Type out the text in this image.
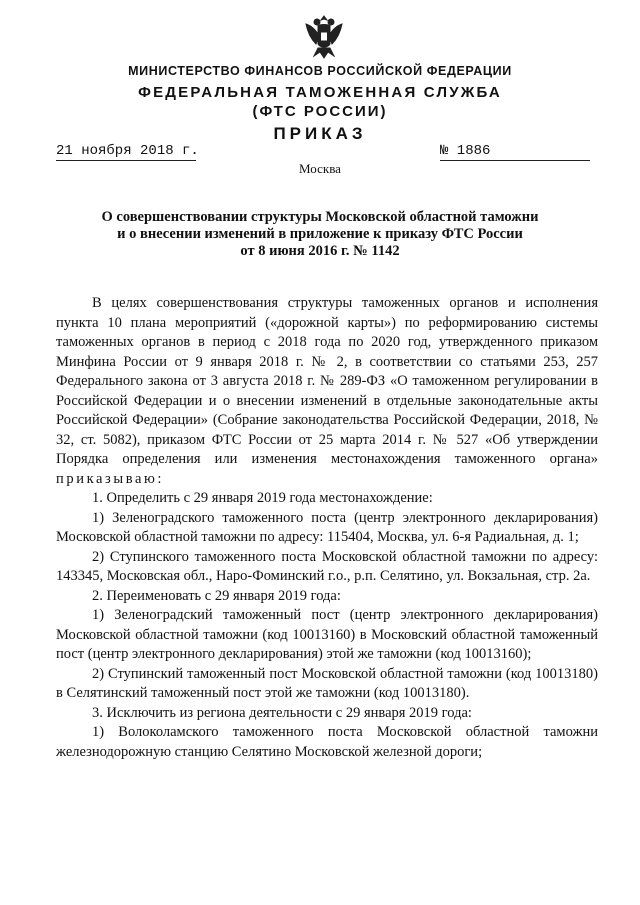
МИНИСТЕРСТВО ФИНАНСОВ РОССИЙСКОЙ ФЕДЕРАЦИИ
ФЕДЕРАЛЬНАЯ ТАМОЖЕННАЯ СЛУЖБА
(ФТС РОССИИ)
ПРИКАЗ
21 ноября 2018 г.	№ 1886
Москва
О совершенствовании структуры Московской областной таможни
и о внесении изменений в приложение к приказу ФТС России
от 8 июня 2016 г. № 1142

В целях совершенствования структуры таможенных органов и исполнения пункта 10 плана мероприятий («дорожной карты») по реформированию системы таможенных органов в период с 2018 года по 2020 год, утвержденного приказом Минфина России от 9 января 2018 г. № 2, в соответствии со статьями 253, 257 Федерального закона от 3 августа 2018 г. № 289-ФЗ «О таможенном регулировании в Российской Федерации и о внесении изменений в отдельные законодательные акты Российской Федерации» (Собрание законодательства Российской Федерации, 2018, № 32, ст. 5082), приказом ФТС России от 25 марта 2014 г. № 527 «Об утверждении Порядка определения или изменения местонахождения таможенного органа» приказываю:

1. Определить с 29 января 2019 года местонахождение:

1) Зеленоградского таможенного поста (центр электронного декларирования) Московской областной таможни по адресу: 115404, Москва, ул. 6-я Радиальная, д. 1;

2) Ступинского таможенного поста Московской областной таможни по адресу: 143345, Московская обл., Наро-Фоминский г.о., р.п. Селятино, ул. Вокзальная, стр. 2а.

2. Переименовать с 29 января 2019 года:

1) Зеленоградский таможенный пост (центр электронного декларирования) Московской областной таможни (код 10013160) в Московский областной таможенный пост (центр электронного декларирования) этой же таможни (код 10013160);

2) Ступинский таможенный пост Московской областной таможни (код 10013180) в Селятинский таможенный пост этой же таможни (код 10013180).

3. Исключить из региона деятельности с 29 января 2019 года:

1) Волоколамского таможенного поста Московской областной таможни железнодорожную станцию Селятино Московской железной дороги;
